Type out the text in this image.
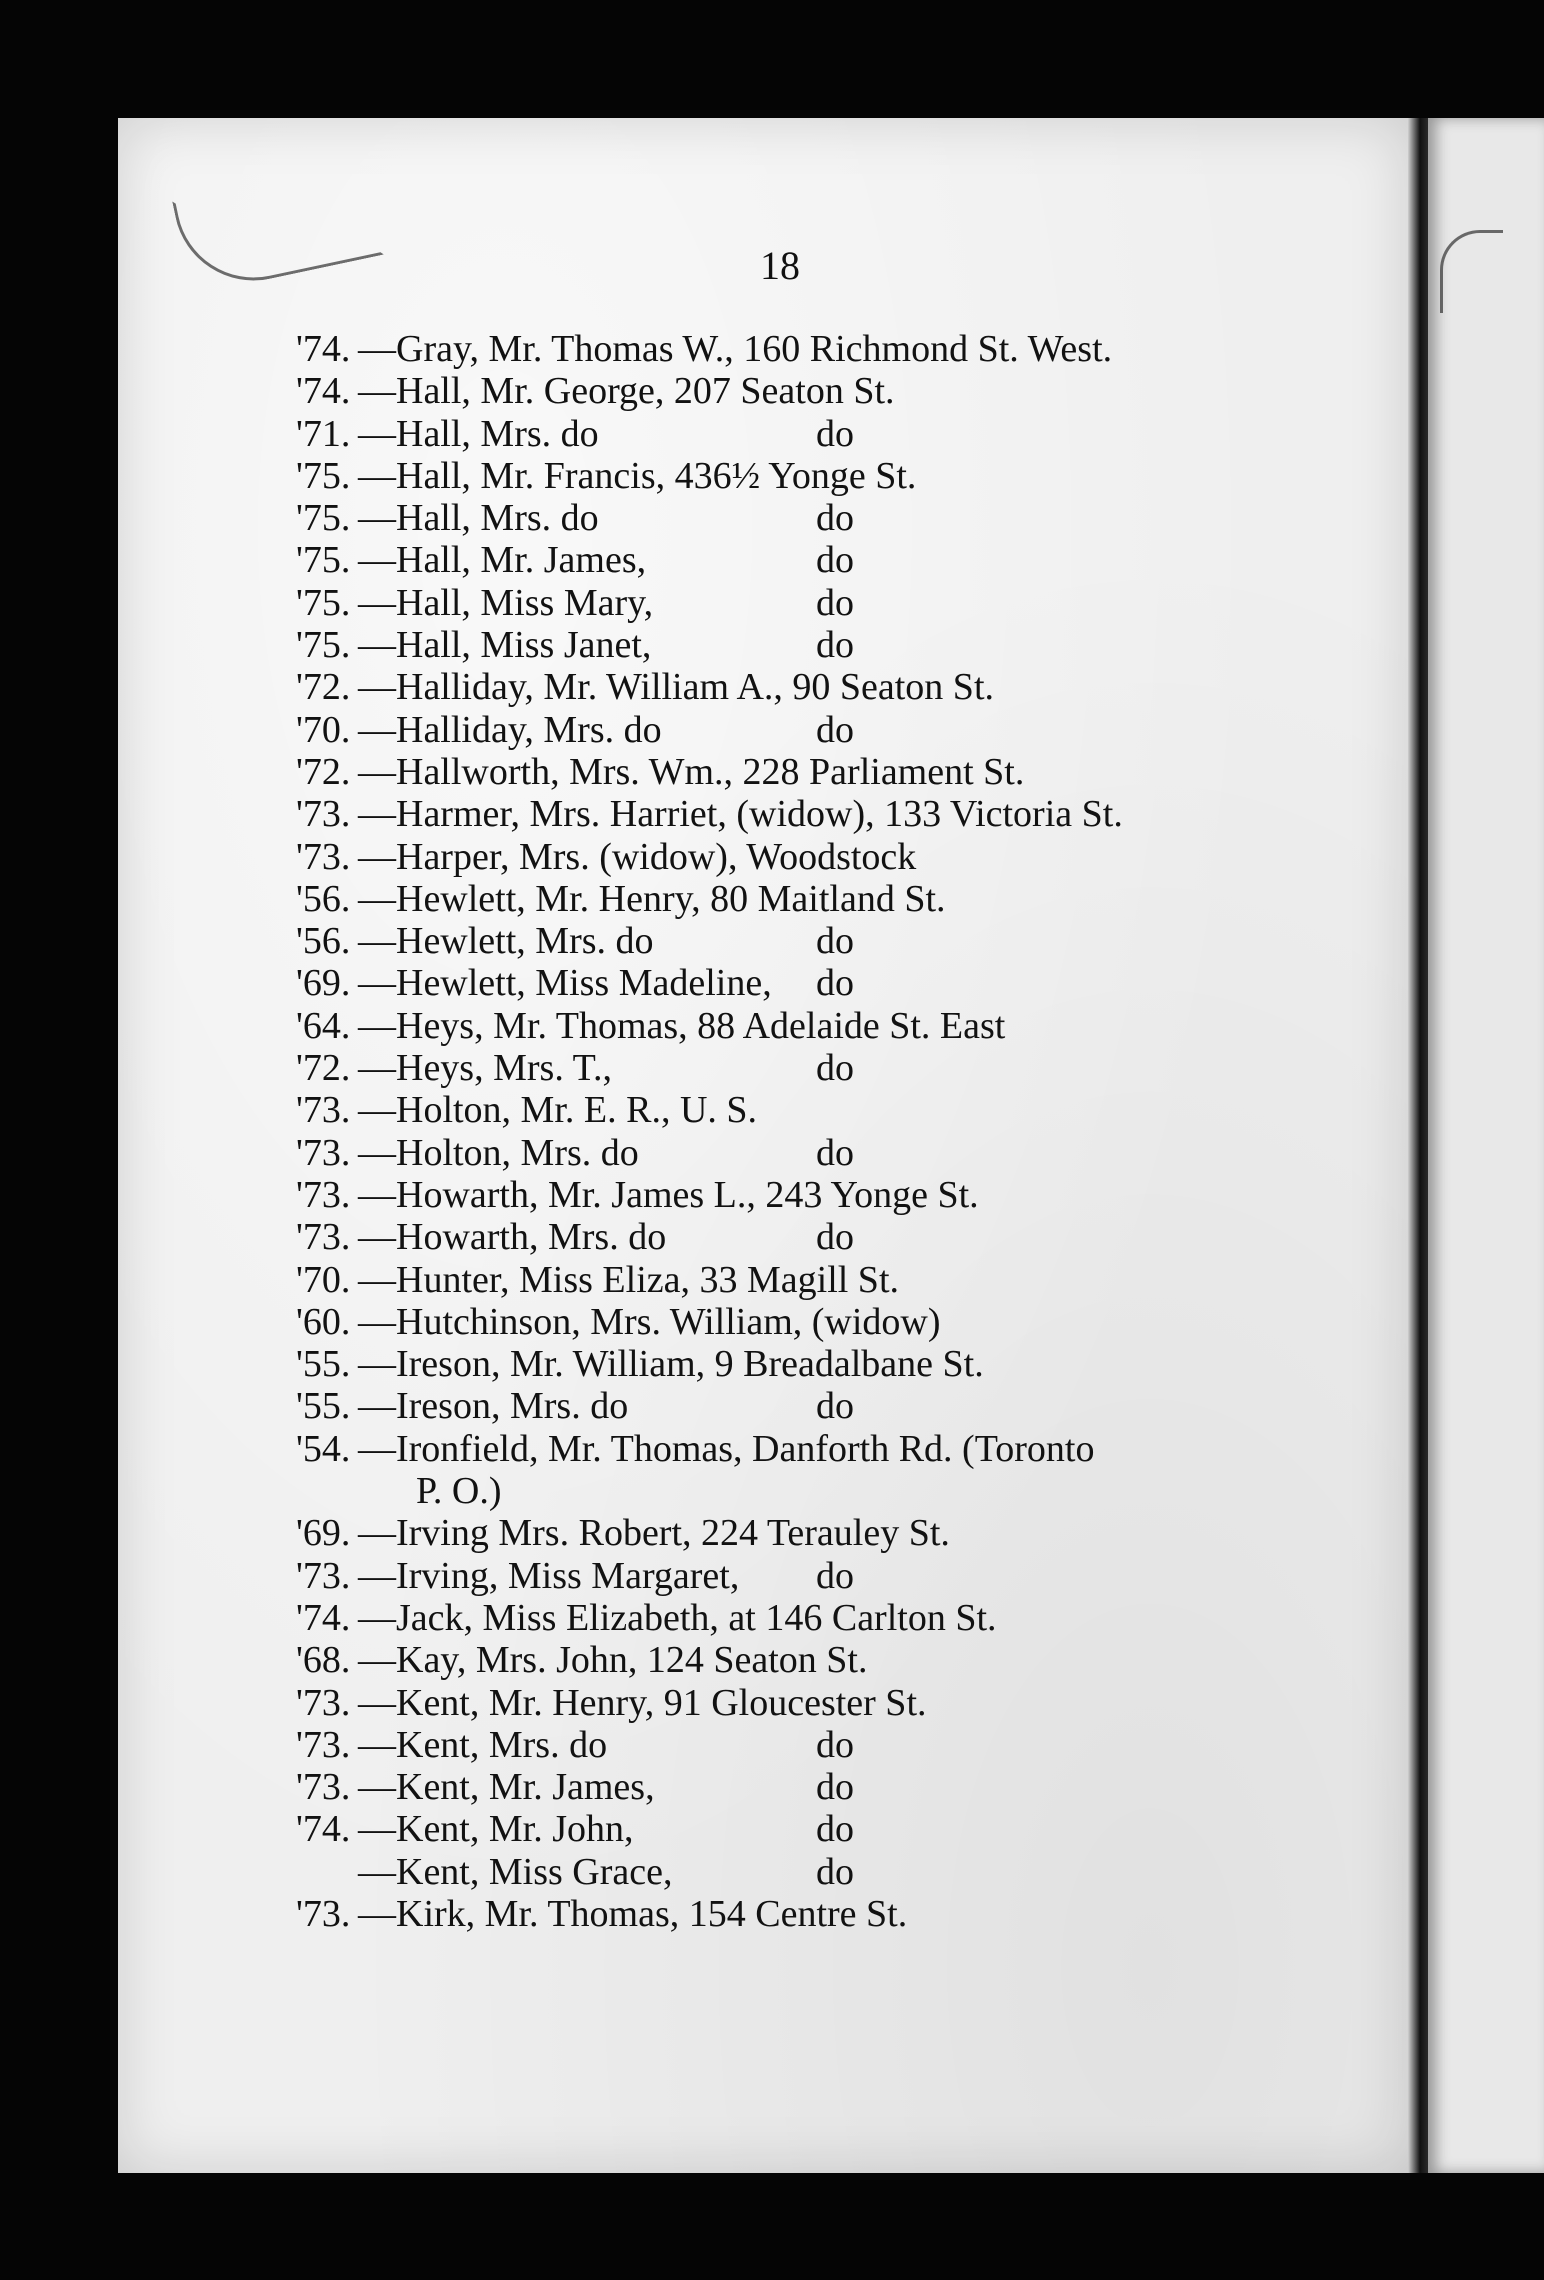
18
'74. —Gray, Mr. Thomas W., 160 Richmond St. West.
'74. —Hall, Mr. George, 207 Seaton St.
'71. —Hall, Mrs. do	do
'75. —Hall, Mr. Francis, 436½ Yonge St.
'75. —Hall, Mrs. do	do
'75. —Hall, Mr. James,	do
'75. —Hall, Miss Mary,	do
'75. —Hall, Miss Janet,	do
'72. —Halliday, Mr. William A., 90 Seaton St.
'70. —Halliday, Mrs. do	do
'72. —Hallworth, Mrs. Wm., 228 Parliament St.
'73. —Harmer, Mrs. Harriet, (widow), 133 Victoria St.
'73. —Harper, Mrs. (widow), Woodstock
'56. —Hewlett, Mr. Henry, 80 Maitland St.
'56. —Hewlett, Mrs. do	do
'69. —Hewlett, Miss Madeline, do
'64. —Heys, Mr. Thomas, 88 Adelaide St. East
'72. —Heys, Mrs. T.,	do
'73. —Holton, Mr. E. R., U. S.
'73. —Holton, Mrs. do	do
'73. —Howarth, Mr. James L., 243 Yonge St.
'73. —Howarth, Mrs. do	do
'70. —Hunter, Miss Eliza, 33 Magill St.
'60. —Hutchinson, Mrs. William, (widow)
'55. —Ireson, Mr. William, 9 Breadalbane St.
'55. —Ireson, Mrs. do	do
'54. —Ironfield, Mr. Thomas, Danforth Rd. (Toronto
P. O.)
'69. —Irving Mrs. Robert, 224 Terauley St.
'73. —Irving, Miss Margaret, do
'74. —Jack, Miss Elizabeth, at 146 Carlton St.
'68. —Kay, Mrs. John, 124 Seaton St.
'73. —Kent, Mr. Henry, 91 Gloucester St.
'73. —Kent, Mrs. do	do
'73. —Kent, Mr. James,	do
'74. —Kent, Mr. John,	do
—Kent, Miss Grace,	do
'73. —Kirk, Mr. Thomas, 154 Centre St.
